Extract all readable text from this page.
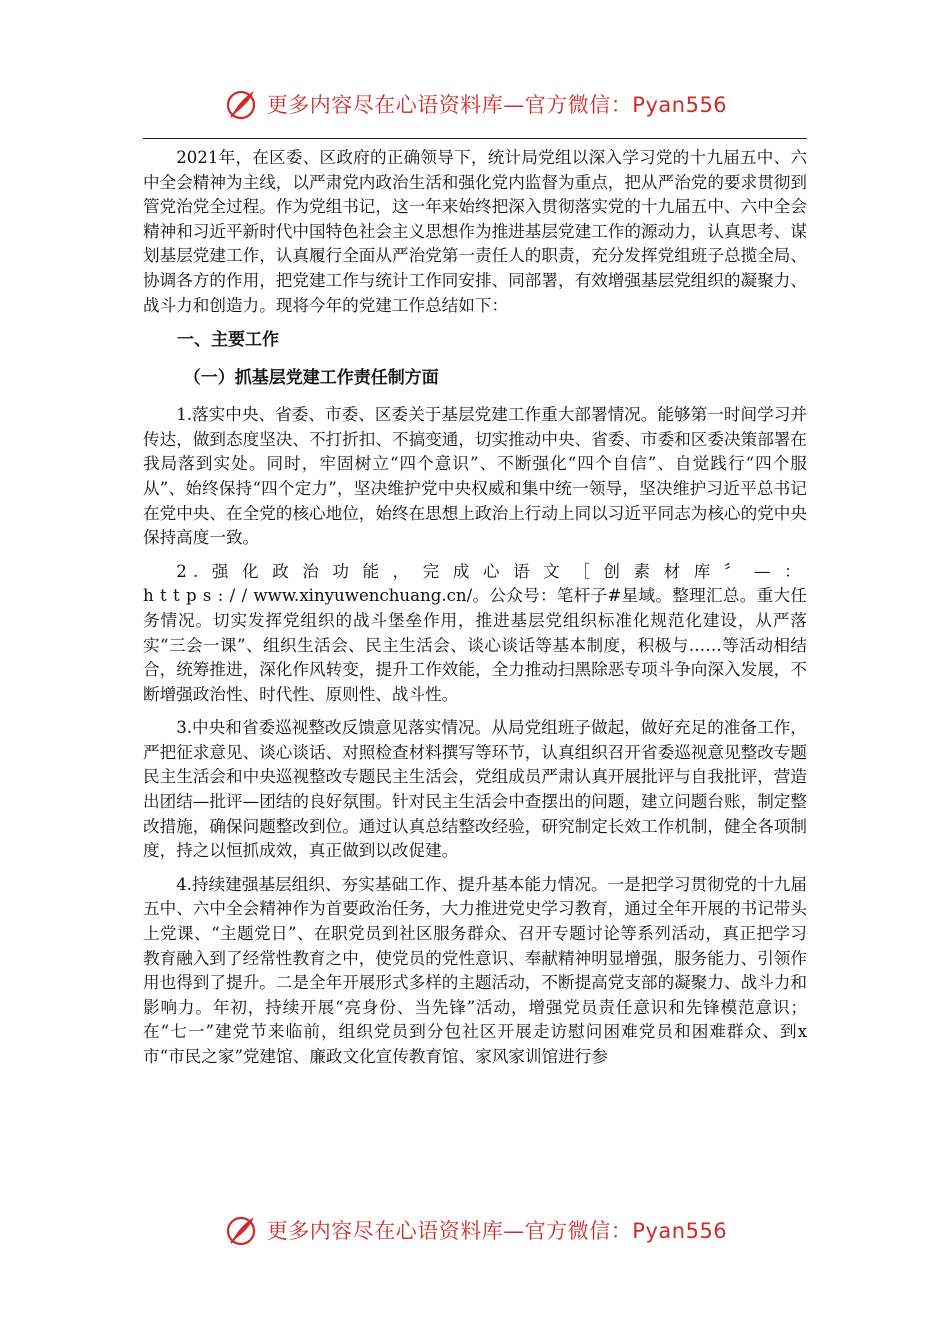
更多内容尽在心语资料库—官方微信：Pyan556

2021年，在区委、区政府的正确领导下，统计局党组以深入学习党的十九届五中、六中全会精神为主线，以严肃党内政治生活和强化党内监督为重点，把从严治党的要求贯彻到管党治党全过程。作为党组书记，这一年来始终把深入贯彻落实党的十九届五中、六中全会精神和习近平新时代中国特色社会主义思想作为推进基层党建工作的源动力，认真思考、谋划基层党建工作，认真履行全面从严治党第一责任人的职责，充分发挥党组班子总揽全局、协调各方的作用，把党建工作与统计工作同安排、同部署，有效增强基层党组织的凝聚力、战斗力和创造力。现将今年的党建工作总结如下：

一、主要工作
（一）抓基层党建工作责任制方面

1.落实中央、省委、市委、区委关于基层党建工作重大部署情况。能够第一时间学习并传达，做到态度坚决、不打折扣、不搞变通，切实推动中央、省委、市委和区委决策部署在我局落到实处。同时，牢固树立“四个意识”、不断强化“四个自信”、自觉践行“四个服从”、始终保持“四个定力”，坚决维护党中央权威和集中统一领导，坚决维护习近平总书记在党中央、在全党的核心地位，始终在思想上政治上行动上同以习近平同志为核心的党中央保持高度一致。

2.强化政治功能，完成心语文［创素材库〞—：https://www.xinyuwenchuang.cn/。公众号：笔杆子#星域。整理汇总。重大任务情况。切实发挥党组织的战斗堡垒作用，推进基层党组织标准化规范化建设，从严落实“三会一课”、组织生活会、民主生活会、谈心谈话等基本制度，积极与……等活动相结合，统筹推进，深化作风转变，提升工作效能，全力推动扫黑除恶专项斗争向深入发展，不断增强政治性、时代性、原则性、战斗性。

3.中央和省委巡视整改反馈意见落实情况。从局党组班子做起，做好充足的准备工作，严把征求意见、谈心谈话、对照检查材料撰写等环节，认真组织召开省委巡视意见整改专题民主生活会和中央巡视整改专题民主生活会，党组成员严肃认真开展批评与自我批评，营造出团结—批评—团结的良好氛围。针对民主生活会中查摆出的问题，建立问题台账，制定整改措施，确保问题整改到位。通过认真总结整改经验，研究制定长效工作机制，健全各项制度，持之以恒抓成效，真正做到以改促建。

4.持续建强基层组织、夯实基础工作、提升基本能力情况。一是把学习贯彻党的十九届五中、六中全会精神作为首要政治任务，大力推进党史学习教育，通过全年开展的书记带头上党课、“主题党日”、在职党员到社区服务群众、召开专题讨论等系列活动，真正把学习教育融入到了经常性教育之中，使党员的党性意识、奉献精神明显增强，服务能力、引领作用也得到了提升。二是全年开展形式多样的主题活动，不断提高党支部的凝聚力、战斗力和影响力。年初，持续开展“亮身份、当先锋”活动，增强党员责任意识和先锋模范意识；在“七一”建党节来临前，组织党员到分包社区开展走访慰问困难党员和困难群众、到x市“市民之家”党建馆、廉政文化宣传教育馆、家风家训馆进行参

更多内容尽在心语资料库—官方微信：Pyan556
